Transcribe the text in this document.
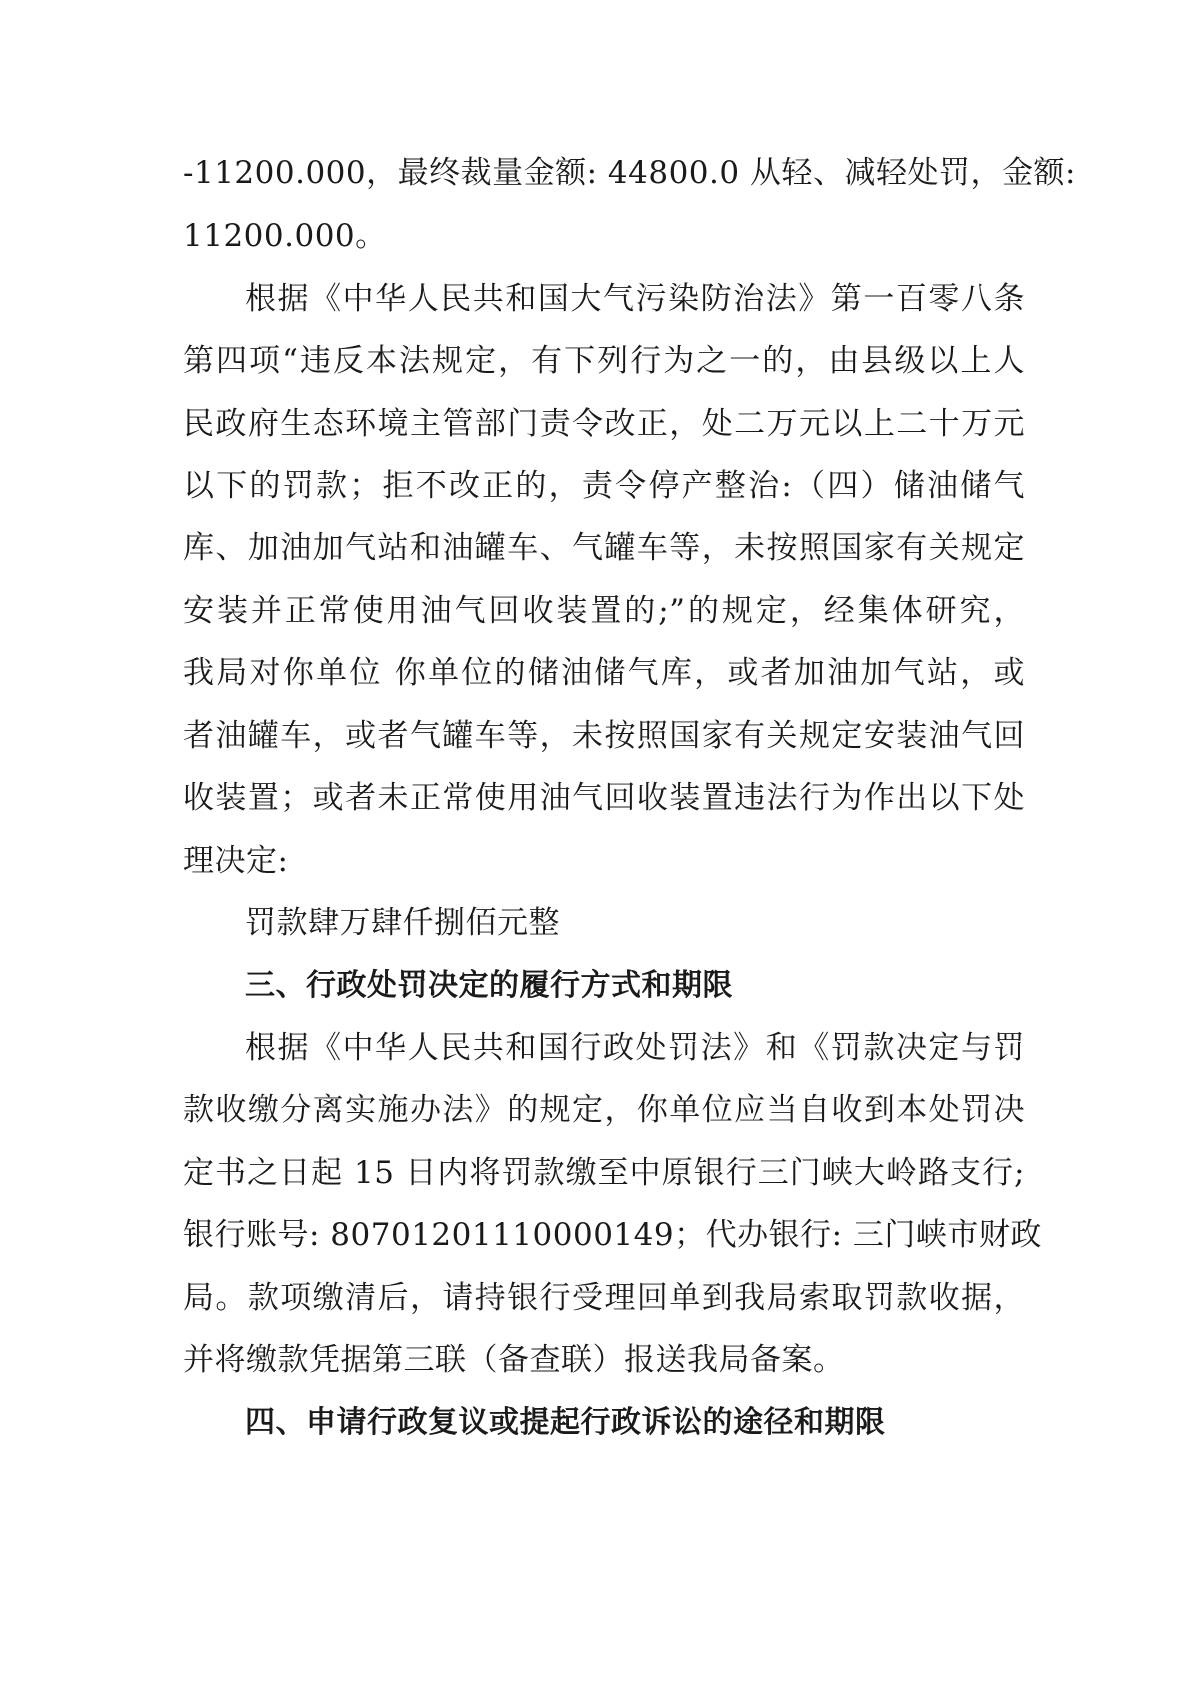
-11200.000，最终裁量金额: 44800.0 从轻、减轻处罚，金额:
11200.000。
根据《中华人民共和国大气污染防治法》第一百零八条
第四项“违反本法规定，有下列行为之一的，由县级以上人
民政府生态环境主管部门责令改正，处二万元以上二十万元
以下的罚款；拒不改正的，责令停产整治:（四）储油储气
库、加油加气站和油罐车、气罐车等，未按照国家有关规定
安装并正常使用油气回收装置的;”的规定，经集体研究，
我局对你单位 你单位的储油储气库，或者加油加气站，或
者油罐车，或者气罐车等，未按照国家有关规定安装油气回
收装置；或者未正常使用油气回收装置违法行为作出以下处
理决定:
罚款肆万肆仟捌佰元整
三、行政处罚决定的履行方式和期限
根据《中华人民共和国行政处罚法》和《罚款决定与罚
款收缴分离实施办法》的规定，你单位应当自收到本处罚决
定书之日起 15 日内将罚款缴至中原银行三门峡大岭路支行;
银行账号: 80701201110000149；代办银行: 三门峡市财政
局。款项缴清后，请持银行受理回单到我局索取罚款收据，
并将缴款凭据第三联（备查联）报送我局备案。
四、申请行政复议或提起行政诉讼的途径和期限
